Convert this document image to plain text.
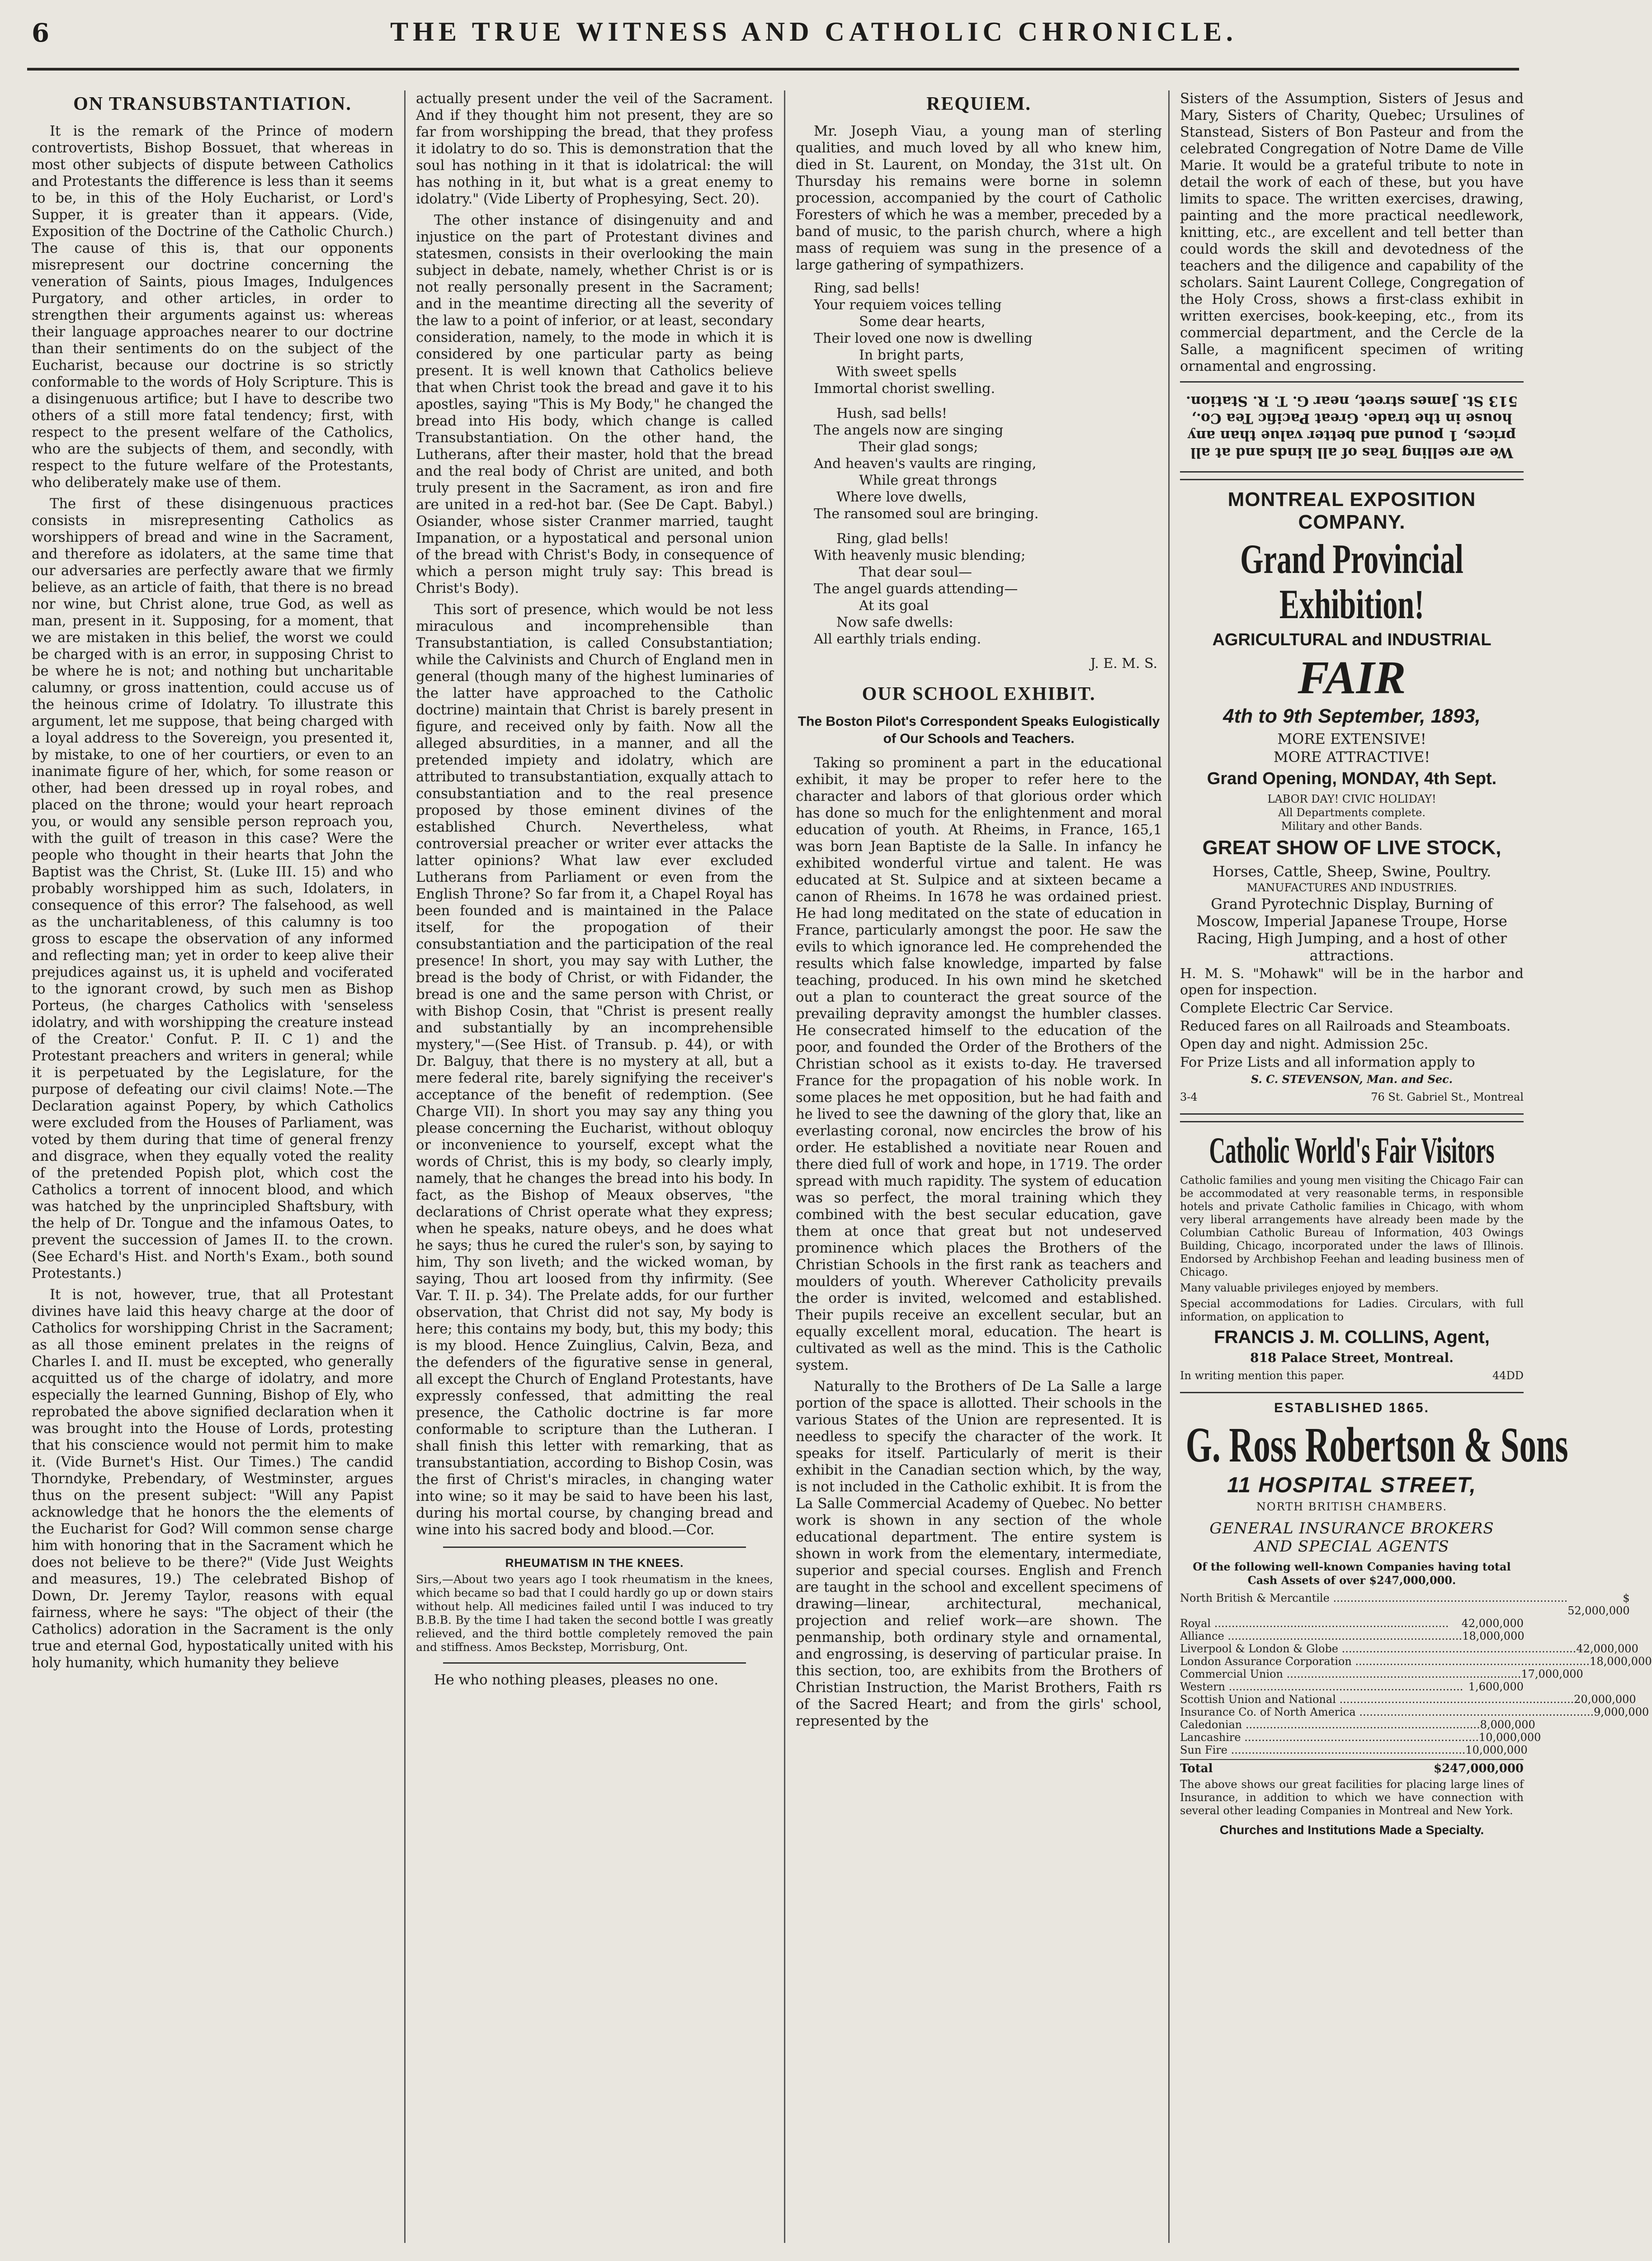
6	THE TRUE WITNESS AND CATHOLIC CHRONICLE.
ON TRANSUBSTANTIATION.

It is the remark of the Prince of modern controvertists, Bishop Bossuet, that whereas in most other subjects of dispute between Catholics and Protestants the difference is less than it seems to be, in this of the Holy Eucharist, or Lord's Supper, it is greater than it appears. (Vide, Exposition of the Doctrine of the Catholic Church.) The cause of this is, that our opponents misrepresent our doctrine concerning the veneration of Saints, pious Images, Indulgences Purgatory, and other articles, in order to strengthen their arguments against us: whereas their language approaches nearer to our doctrine than their sentiments do on the subject of the Eucharist, because our doctrine is so strictly conformable to the words of Holy Scripture. This is a disingenuous artifice; but I have to describe two others of a still more fatal tendency; first, with respect to the present welfare of the Catholics, who are the subjects of them, and secondly, with respect to the future welfare of the Protestants, who deliberately make use of them.

The first of these disingenuous practices consists in misrepresenting Catholics as worshippers of bread and wine in the Sacrament, and therefore as idolaters, at the same time that our adversaries are perfectly aware that we firmly believe, as an article of faith, that there is no bread nor wine, but Christ alone, true God, as well as man, present in it. Supposing, for a moment, that we are mistaken in this belief, the worst we could be charged with is an error, in supposing Christ to be where he is not; and nothing but uncharitable calumny, or gross inattention, could accuse us of the heinous crime of Idolatry. To illustrate this argument, let me suppose, that being charged with a loyal address to the Sovereign, you presented it, by mistake, to one of her courtiers, or even to an inanimate figure of her, which, for some reason or other, had been dressed up in royal robes, and placed on the throne; would your heart reproach you, or would any sensible person reproach you, with the guilt of treason in this case? Were the people who thought in their hearts that John the Baptist was the Christ, St. (Luke III. 15) and who probably worshipped him as such, Idolaters, in consequence of this error? The falsehood, as well as the uncharitableness, of this calumny is too gross to escape the observation of any informed and reflecting man; yet in order to keep alive their prejudices against us, it is upheld and vociferated to the ignorant crowd, by such men as Bishop Porteus, (he charges Catholics with 'senseless idolatry, and with worshipping the creature instead of the Creator.' Confut. P. II. C 1) and the Protestant preachers and writers in general; while it is perpetuated by the Legislature, for the purpose of defeating our civil claims! Note.—The Declaration against Popery, by which Catholics were excluded from the Houses of Parliament, was voted by them during that time of general frenzy and disgrace, when they equally voted the reality of the pretended Popish plot, which cost the Catholics a torrent of innocent blood, and which was hatched by the unprincipled Shaftsbury, with the help of Dr. Tongue and the infamous Oates, to prevent the succession of James II. to the crown. (See Echard's Hist. and North's Exam., both sound Protestants.)

It is not, however, true, that all Protestant divines have laid this heavy charge at the door of Catholics for worshipping Christ in the Sacrament; as all those eminent prelates in the reigns of Charles I. and II. must be excepted, who generally acquitted us of the charge of idolatry, and more especially the learned Gunning, Bishop of Ely, who reprobated the above signified declaration when it was brought into the House of Lords, protesting that his conscience would not permit him to make it. (Vide Burnet's Hist. Our Times.) The candid Thorndyke, Prebendary, of Westminster, argues thus on the present subject: "Will any Papist acknowledge that he honors the the elements of the Eucharist for God? Will common sense charge him with honoring that in the Sacrament which he does not believe to be there?" (Vide Just Weights and measures, 19.) The celebrated Bishop of Down, Dr. Jeremy Taylor, reasons with equal fairness, where he says: "The object of their (the Catholics) adoration in the Sacrament is the only true and eternal God, hypostatically united with his holy humanity, which humanity they believe

actually present under the veil of the Sacrament. And if they thought him not present, they are so far from worshipping the bread, that they profess it idolatry to do so. This is demonstration that the soul has nothing in it that is idolatrical: the will has nothing in it, but what is a great enemy to idolatry." (Vide Liberty of Prophesying, Sect. 20).

The other instance of disingenuity and and injustice on the part of Protestant divines and statesmen, consists in their overlooking the main subject in debate, namely, whether Christ is or is not really personally present in the Sacrament; and in the meantime directing all the severity of the law to a point of inferior, or at least, secondary consideration, namely, to the mode in which it is considered by one particular party as being present. It is well known that Catholics believe that when Christ took the bread and gave it to his apostles, saying "This is My Body," he changed the bread into His body, which change is called Transubstantiation. On the other hand, the Lutherans, after their master, hold that the bread and the real body of Christ are united, and both truly present in the Sacrament, as iron and fire are united in a red-hot bar. (See De Capt. Babyl.) Osiander, whose sister Cranmer married, taught Impanation, or a hypostatical and personal union of the bread with Christ's Body, in consequence of which a person might truly say: This bread is Christ's Body).

This sort of presence, which would be not less miraculous and incomprehensible than Transubstantiation, is called Consubstantiation; while the Calvinists and Church of England men in general (though many of the highest luminaries of the latter have approached to the Catholic doctrine) maintain that Christ is barely present in figure, and received only by faith. Now all the alleged absurdities, in a manner, and all the pretended impiety and idolatry, which are attributed to transubstantiation, exqually attach to consubstantiation and to the real presence proposed by those eminent divines of the established Church. Nevertheless, what controversial preacher or writer ever attacks the latter opinions? What law ever excluded Lutherans from Parliament or even from the English Throne? So far from it, a Chapel Royal has been founded and is maintained in the Palace itself, for the propogation of their consubstantiation and the participation of the real presence! In short, you may say with Luther, the bread is the body of Christ, or with Fidander, the bread is one and the same person with Christ, or with Bishop Cosin, that "Christ is present really and substantially by an incomprehensible mystery,"—(See Hist. of Transub. p. 44), or with Dr. Balguy, that there is no mystery at all, but a mere federal rite, barely signifying the receiver's acceptance of the benefit of redemption. (See Charge VII). In short you may say any thing you please concerning the Eucharist, without obloquy or inconvenience to yourself, except what the words of Christ, this is my body, so clearly imply, namely, that he changes the bread into his body. In fact, as the Bishop of Meaux observes, "the declarations of Christ operate what they express; when he speaks, nature obeys, and he does what he says; thus he cured the ruler's son, by saying to him, Thy son liveth; and the wicked woman, by saying, Thou art loosed from thy infirmity. (See Var. T. II. p. 34). The Prelate adds, for our further observation, that Christ did not say, My body is here; this contains my body, but, this my body; this is my blood. Hence Zuinglius, Calvin, Beza, and the defenders of the figurative sense in general, all except the Church of England Protestants, have expressly confessed, that admitting the real presence, the Catholic doctrine is far more conformable to scripture than the Lutheran. I shall finish this letter with remarking, that as transubstantiation, according to Bishop Cosin, was the first of Christ's miracles, in changing water into wine; so it may be said to have been his last, during his mortal course, by changing bread and wine into his sacred body and blood.—Cor.

RHEUMATISM IN THE KNEES.

Sirs,—About two years ago I took rheumatism in the knees, which became so bad that I could hardly go up or down stairs without help. All medicines failed until I was induced to try B.B.B. By the time I had taken the second bottle I was greatly relieved, and the third bottle completely removed the pain and stiffness. Amos Beckstep, Morrisburg, Ont.

He who nothing pleases, pleases no one.

REQUIEM.

Mr. Joseph Viau, a young man of sterling qualities, and much loved by all who knew him, died in St. Laurent, on Monday, the 31st ult. On Thursday his remains were borne in solemn procession, accompanied by the court of Catholic Foresters of which he was a member, preceded by a band of music, to the parish church, where a high mass of requiem was sung in the presence of a large gathering of sympathizers.

Ring, sad bells!
Your requiem voices telling
Some dear hearts,
Their loved one now is dwelling
In bright parts,
With sweet spells
Immortal chorist swelling.
Hush, sad bells!
The angels now are singing
Their glad songs;
And heaven's vaults are ringing,
While great throngs
Where love dwells,
The ransomed soul are bringing.
Ring, glad bells!
With heavenly music blending;
That dear soul—
The angel guards attending—
At its goal
Now safe dwells:
All earthly trials ending.
J. E. M. S.
OUR SCHOOL EXHIBIT.
The Boston Pilot's Correspondent Speaks Eulogistically of Our Schools and Teachers.

Taking so prominent a part in the educational exhibit, it may be proper to refer here to the character and labors of that glorious order which has done so much for the enlightenment and moral education of youth. At Rheims, in France, 165,1 was born Jean Baptiste de la Salle. In infancy he exhibited wonderful virtue and talent. He was educated at St. Sulpice and at sixteen became a canon of Rheims. In 1678 he was ordained priest. He had long meditated on the state of education in France, particularly amongst the poor. He saw the evils to which ignorance led. He comprehended the results which false knowledge, imparted by false teaching, produced. In his own mind he sketched out a plan to counteract the great source of the prevailing depravity amongst the humbler classes. He consecrated himself to the education of the poor, and founded the Order of the Brothers of the Christian school as it exists to-day. He traversed France for the propagation of his noble work. In some places he met opposition, but he had faith and he lived to see the dawning of the glory that, like an everlasting coronal, now encircles the brow of his order. He established a novitiate near Rouen and there died full of work and hope, in 1719. The order spread with much rapidity. The system of education was so perfect, the moral training which they combined with the best secular education, gave them at once that great but not undeserved prominence which places the Brothers of the Christian Schools in the first rank as teachers and moulders of youth. Wherever Catholicity prevails the order is invited, welcomed and established. Their pupils receive an excellent secular, but an equally excellent moral, education. The heart is cultivated as well as the mind. This is the Catholic system.

Naturally to the Brothers of De La Salle a large portion of the space is allotted. Their schools in the various States of the Union are represented. It is needless to specify the character of the work. It speaks for itself. Particularly of merit is their exhibit in the Canadian section which, by the way, is not included in the Catholic exhibit. It is from the La Salle Commercial Academy of Quebec. No better work is shown in any section of the whole educational department. The entire system is shown in work from the elementary, intermediate, superior and special courses. English and French are taught in the school and excellent specimens of drawing—linear, architectural, mechanical, projection and relief work—are shown. The penmanship, both ordinary style and ornamental, and engrossing, is deserving of particular praise. In this section, too, are exhibits from the Brothers of Christian Instruction, the Marist Brothers, Faith rs of the Sacred Heart; and from the girls' school, represented by the

Sisters of the Assumption, Sisters of Jesus and Mary, Sisters of Charity, Quebec; Ursulines of Stanstead, Sisters of Bon Pasteur and from the celebrated Congregation of Notre Dame de Ville Marie. It would be a grateful tribute to note in detail the work of each of these, but you have limits to space. The written exercises, drawing, painting and the more practical needlework, knitting, etc., are excellent and tell better than could words the skill and devotedness of the teachers and the diligence and capability of the scholars. Saint Laurent College, Congregation of the Holy Cross, shows a first-class exhibit in written exercises, book-keeping, etc., from its commercial department, and the Cercle de la Salle, a magnificent specimen of writing ornamental and engrossing.

We are selling Teas of all kinds and at all prices, 1 pound and better value than any house in the trade. Great Pacific Tea Co., 513 St. James street, near G. T. R. Station.
MONTREAL EXPOSITION COMPANY.
Grand Provincial Exhibition!
AGRICULTURAL and INDUSTRIAL
FAIR
4th to 9th September, 1893,
MORE EXTENSIVE!
MORE ATTRACTIVE!
Grand Opening, MONDAY, 4th Sept.
LABOR DAY! CIVIC HOLIDAY!
All Departments complete.
Military and other Bands.
GREAT SHOW OF LIVE STOCK,
Horses, Cattle, Sheep, Swine, Poultry.
MANUFACTURES AND INDUSTRIES.
Grand Pyrotechnic Display, Burning of Moscow, Imperial Japanese Troupe, Horse Racing, High Jumping, and a host of other attractions.
H. M. S. "Mohawk" will be in the harbor and open for inspection.
Complete Electric Car Service.
Reduced fares on all Railroads and Steamboats.
Open day and night. Admission 25c.
For Prize Lists and all information apply to
S. C. STEVENSON, Man. and Sec.
3-4	76 St. Gabriel St., Montreal
Catholic World's Fair Visitors
Catholic families and young men visiting the Chicago Fair can be accommodated at very reasonable terms, in responsible hotels and private Catholic families in Chicago, with whom very liberal arrangements have already been made by the Columbian Catholic Bureau of Information, 403 Owings Building, Chicago, incorporated under the laws of Illinois. Endorsed by Archbishop Feehan and leading business men of Chicago.
Many valuable privileges enjoyed by members.
Special accommodations for Ladies. Circulars, with full information, on application to
FRANCIS J. M. COLLINS, Agent,
818 Palace Street, Montreal.
In writing mention this paper.	44DD
ESTABLISHED 1865.
G. Ross Robertson & Sons
11 HOSPITAL STREET,
NORTH BRITISH CHAMBERS.
GENERAL INSURANCE BROKERS
AND SPECIAL AGENTS
Of the following well-known Companies having total Cash Assets of over $247,000,000.
North British & Mercantile .....	$ 52,000,000
Royal .....	42,000,000
Alliance .....	18,000,000
Liverpool & London & Globe .....	42,000,000
London Assurance Corporation .....	18,000,000
Commercial Union .....	17,000,000
Western .....	1,600,000
Scottish Union and National .....	20,000,000
Insurance Co. of North America .....	9,000,000
Caledonian .....	8,000,000
Lancashire .....	10,000,000
Sun Fire .....	10,000,000
Total	$247,000,000
The above shows our great facilities for placing large lines of Insurance, in addition to which we have connection with several other leading Companies in Montreal and New York.
Churches and Institutions Made a Specialty.
